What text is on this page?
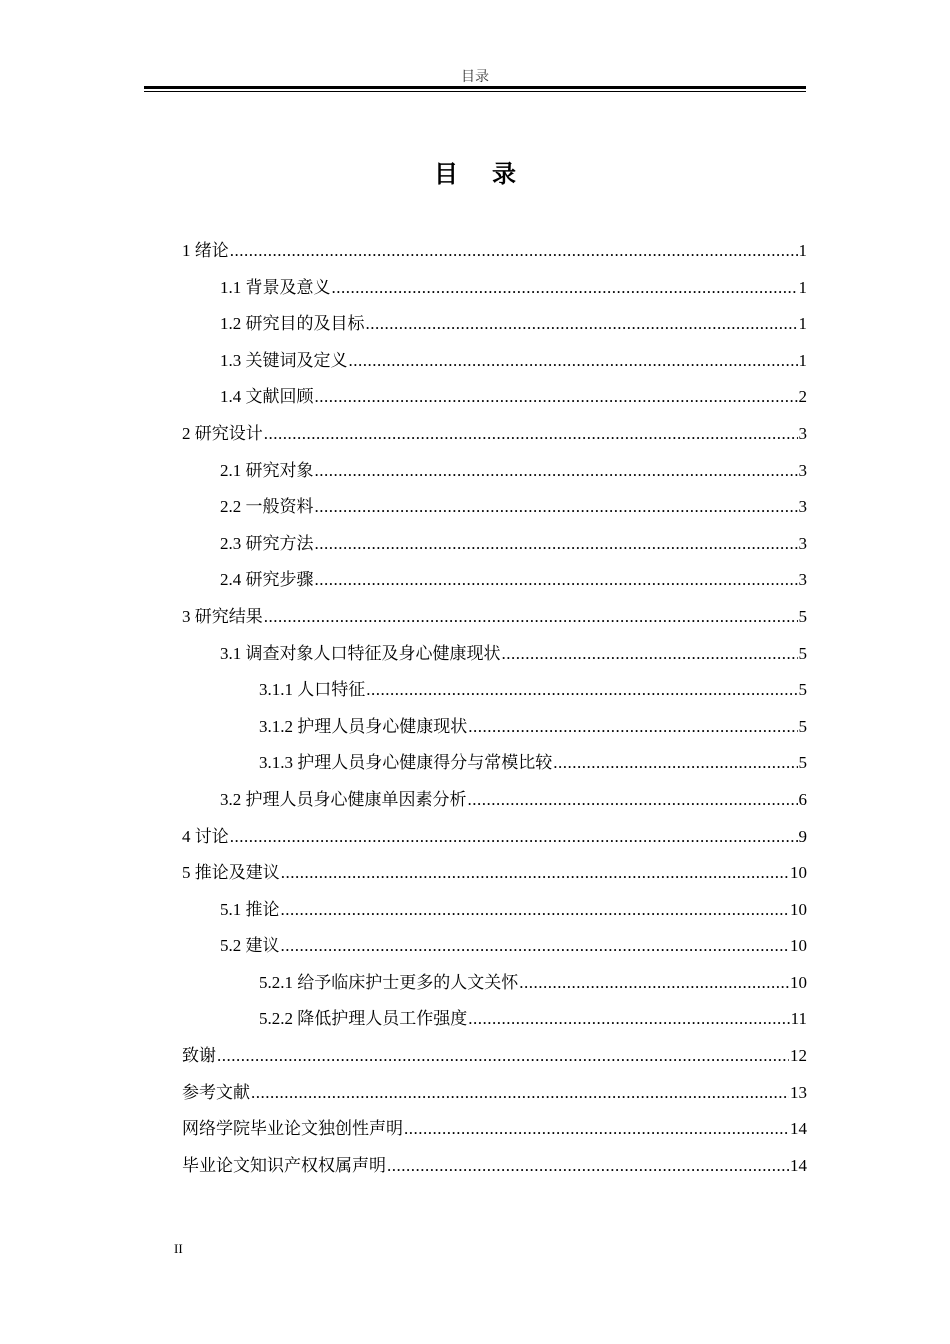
目录
目 录
1 绪论 .....	1
1.1 背景及意义 .....	1
1.2 研究目的及目标 .....	1
1.3 关键词及定义 .....	1
1.4 文献回顾 .....	2
2 研究设计 .....	3
2.1 研究对象 .....	3
2.2 一般资料 .....	3
2.3 研究方法 .....	3
2.4 研究步骤 .....	3
3 研究结果 .....	5
3.1 调查对象人口特征及身心健康现状 .....	5
3.1.1 人口特征 .....	5
3.1.2 护理人员身心健康现状 .....	5
3.1.3 护理人员身心健康得分与常模比较 .....	5
3.2 护理人员身心健康单因素分析 .....	6
4 讨论 .....	9
5 推论及建议 .....	10
5.1 推论 .....	10
5.2 建议 .....	10
5.2.1 给予临床护士更多的人文关怀 .....	10
5.2.2 降低护理人员工作强度 .....	11
致谢 .....	12
参考文献 .....	13
网络学院毕业论文独创性声明 .....	14
毕业论文知识产权权属声明 .....	14
II
